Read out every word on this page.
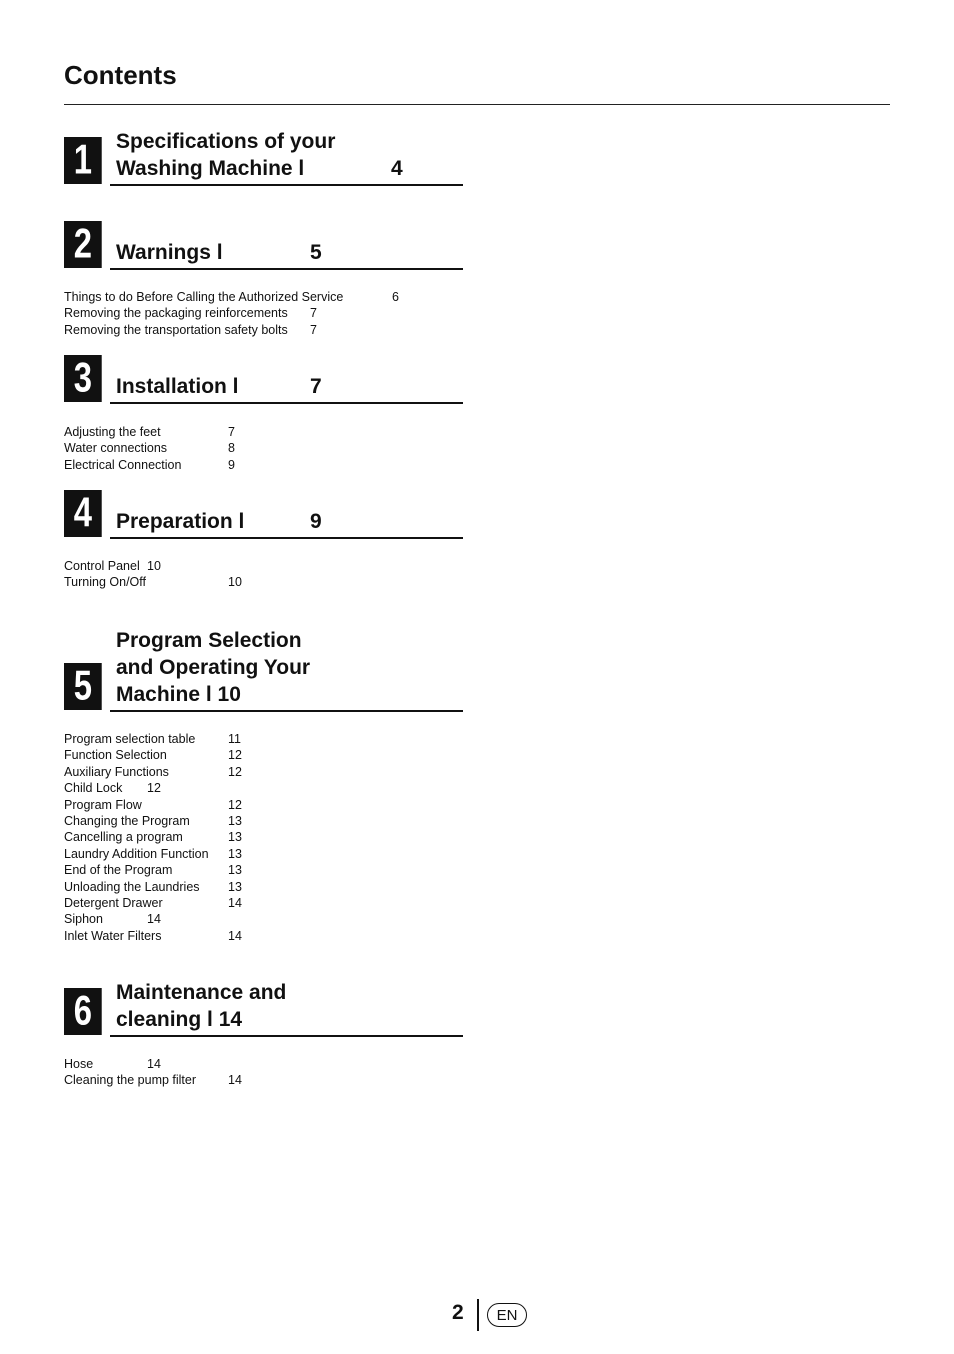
Contents
1 Specifications of your
Washing Machine l	4
2 Warnings l	5
Things to do Before Calling the Authorized Service	6
Removing the packaging reinforcements 7
Removing the transportation safety bolts 7
3 Installation l	7
Adjusting the feet	7
Water connections	8
Electrical Connection	9
4 Preparation l	9
Control Panel 10
Turning On/Off	10
5
Program Selection
and Operating Your
Machine l 10
Program selection table	11
Function Selection	12
Auxiliary Functions	12
Child Lock 12
Program Flow	12
Changing the Program	13
Cancelling a program	13
Laundry Addition Function 13
End of the Program	13
Unloading the Laundries 13
Detergent Drawer	14
Siphon	14
Inlet Water Filters	14
6 Maintenance and
cleaning l 14
Hose	14
Cleaning the pump filter	14
2	EN
